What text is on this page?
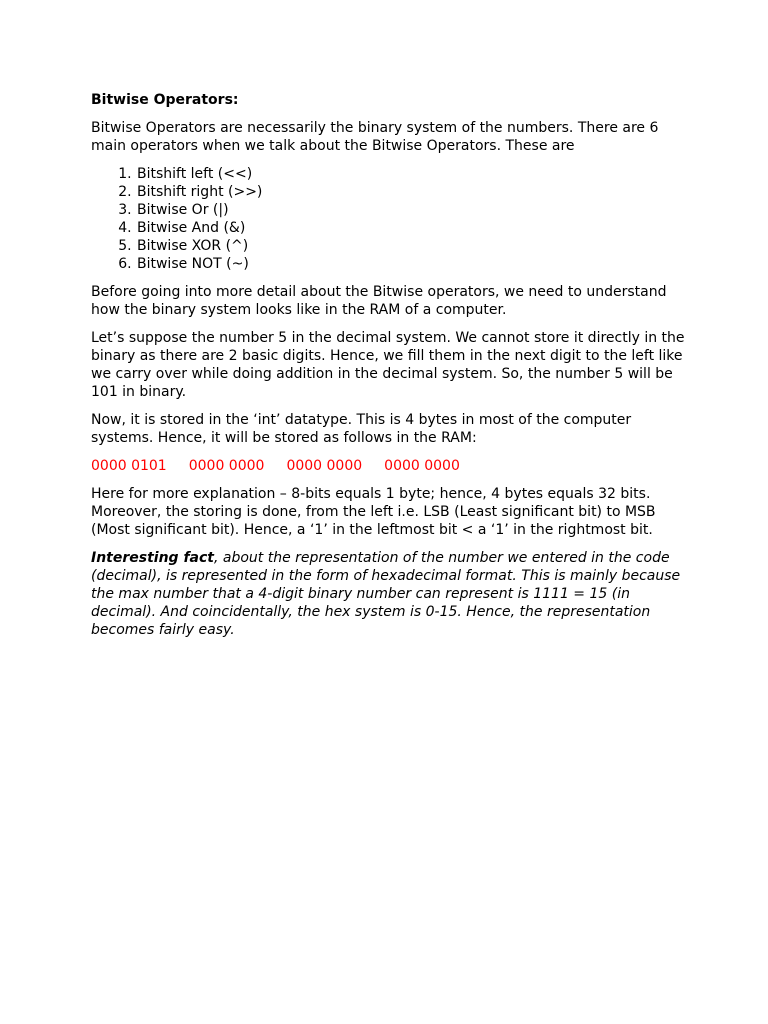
Bitwise Operators:

Bitwise Operators are necessarily the binary system of the numbers. There are 6 main operators when we talk about the Bitwise Operators. These are

1. Bitshift left (<<)
2. Bitshift right (>>)
3. Bitwise Or (|)
4. Bitwise And (&)
5. Bitwise XOR (^)
6. Bitwise NOT (~)

Before going into more detail about the Bitwise operators, we need to understand how the binary system looks like in the RAM of a computer.

Let’s suppose the number 5 in the decimal system. We cannot store it directly in the binary as there are 2 basic digits. Hence, we fill them in the next digit to the left like we carry over while doing addition in the decimal system. So, the number 5 will be 101 in binary.

Now, it is stored in the ‘int’ datatype. This is 4 bytes in most of the computer systems. Hence, it will be stored as follows in the RAM:

0000 0101 0000 0000 0000 0000 0000 0000

Here for more explanation – 8-bits equals 1 byte; hence, 4 bytes equals 32 bits. Moreover, the storing is done, from the left i.e. LSB (Least significant bit) to MSB (Most significant bit). Hence, a ‘1’ in the leftmost bit < a ‘1’ in the rightmost bit.

Interesting fact, about the representation of the number we entered in the code (decimal), is represented in the form of hexadecimal format. This is mainly because the max number that a 4-digit binary number can represent is 1111 = 15 (in decimal). And coincidentally, the hex system is 0-15. Hence, the representation becomes fairly easy.
